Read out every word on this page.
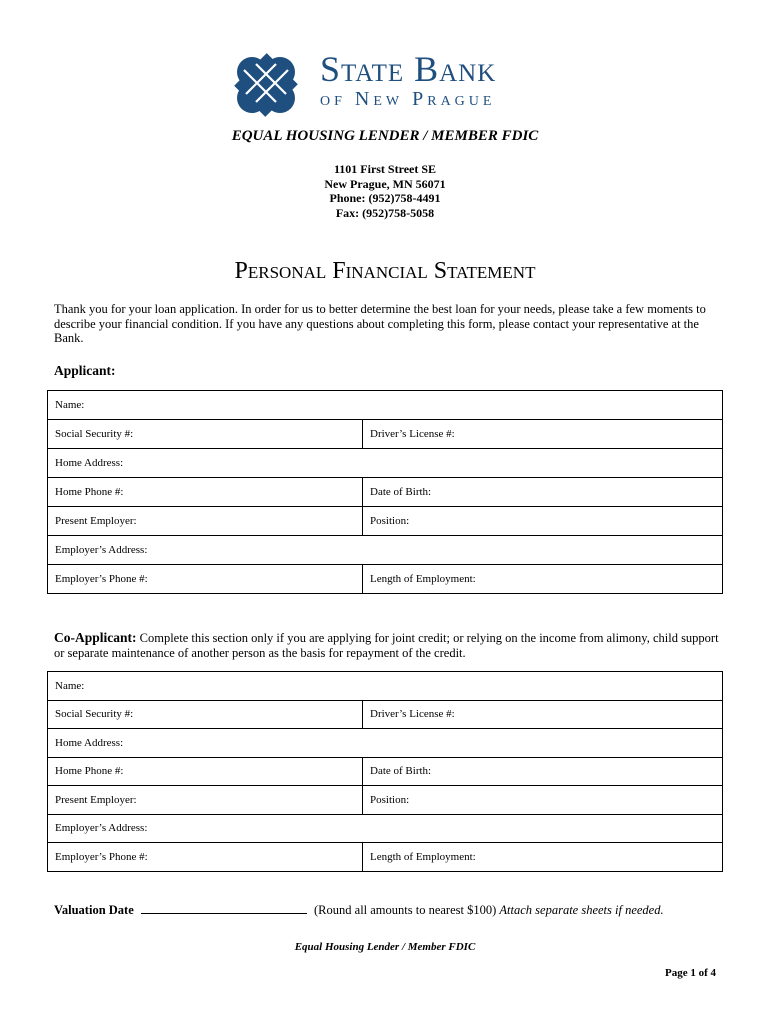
State Bank
of New Prague
EQUAL HOUSING LENDER / MEMBER FDIC
1101 First Street SE
New Prague, MN 56071
Phone: (952)758-4491
Fax: (952)758-5058
Personal Financial Statement
Thank you for your loan application. In order for us to better determine the best loan for your needs, please take a few moments to describe your financial condition. If you have any questions about completing this form, please contact your representative at the Bank.
Applicant:
Name:	
Social Security #:	Driver’s License #:
Home Address:	
Home Phone #:	Date of Birth:
Present Employer:	Position:
Employer’s Address:	
Employer’s Phone #:	Length of Employment:
Co-Applicant: Complete this section only if you are applying for joint credit; or relying on the income from alimony, child support or separate maintenance of another person as the basis for repayment of the credit.
Name:	
Social Security #:	Driver’s License #:
Home Address:	
Home Phone #:	Date of Birth:
Present Employer:	Position:
Employer’s Address:	
Employer’s Phone #:	Length of Employment:
Valuation Date	(Round all amounts to nearest $100) Attach separate sheets if needed.
Equal Housing Lender / Member FDIC
Page 1 of 4
